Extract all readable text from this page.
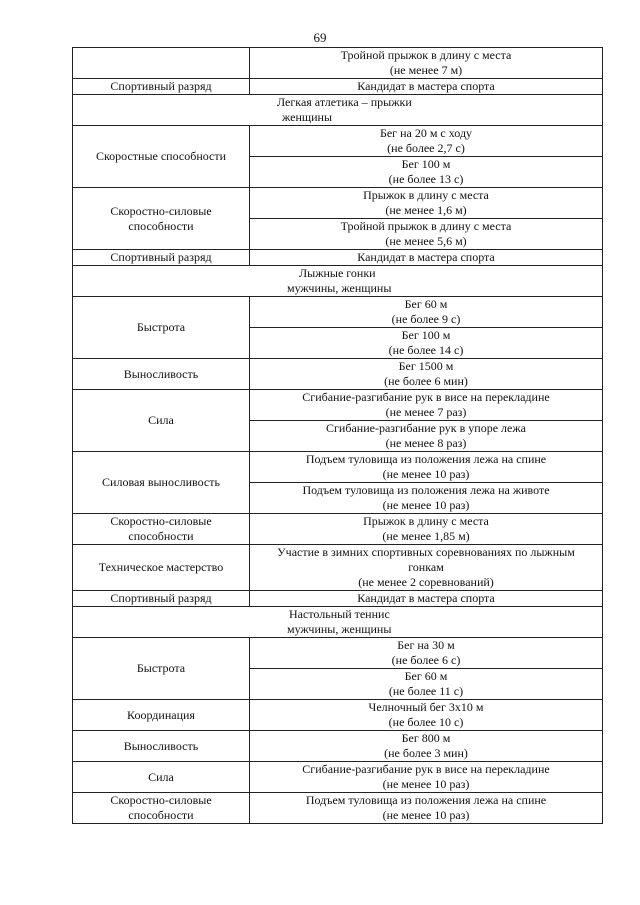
69

	Тройной прыжок в длину с места
(не менее 7 м)

Спортивный разряд	Кандидат в мастера спорта

Легкая атлетика – прыжки
женщины	

Скоростные способности	Бег на 20 м с ходу
(не более 2,7 с)

	Бег 100 м
(не более 13 с)

Скоростно-силовые
способности	Прыжок в длину с места
(не менее 1,6 м)

	Тройной прыжок в длину с места
(не менее 5,6 м)

Спортивный разряд	Кандидат в мастера спорта

Лыжные гонки
мужчины, женщины	

Быстрота	Бег 60 м
(не более 9 с)

	Бег 100 м
(не более 14 с)

Выносливость	Бег 1500 м
(не более 6 мин)

Сила	Сгибание-разгибание рук в висе на перекладине
(не менее 7 раз)

	Сгибание-разгибание рук в упоре лежа
(не менее 8 раз)

Силовая выносливость	Подъем туловища из положения лежа на спине
(не менее 10 раз)

	Подъем туловища из положения лежа на животе
(не менее 10 раз)

Скоростно-силовые
способности	Прыжок в длину с места
(не менее 1,85 м)

Техническое мастерство	Участие в зимних спортивных соревнованиях по лыжным
гонкам
(не менее 2 соревнований)

Спортивный разряд	Кандидат в мастера спорта

Настольный теннис
мужчины, женщины	

Быстрота	Бег на 30 м
(не более 6 с)

	Бег 60 м
(не более 11 с)

Координация	Челночный бег 3x10 м
(не более 10 с)

Выносливость	Бег 800 м
(не более 3 мин)

Сила	Сгибание-разгибание рук в висе на перекладине
(не менее 10 раз)

Скоростно-силовые
способности	Подъем туловища из положения лежа на спине
(не менее 10 раз)
